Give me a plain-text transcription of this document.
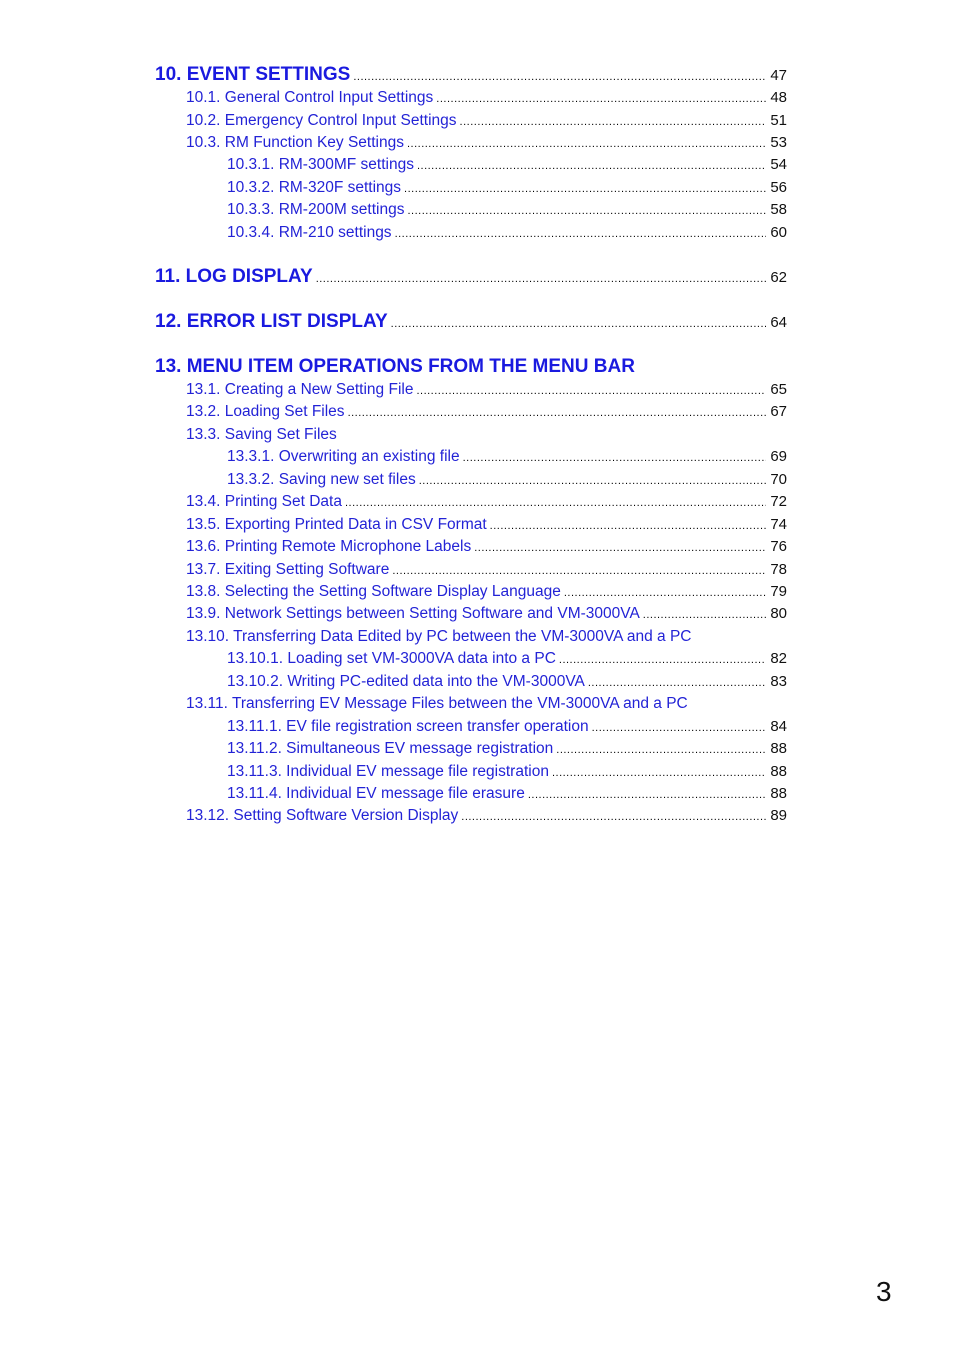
10. EVENT SETTINGS .....	47
10.1. General Control Input Settings .....	48
10.2. Emergency Control Input Settings .....	51
10.3. RM Function Key Settings .....	53
10.3.1. RM-300MF settings .....	54
10.3.2. RM-320F settings .....	56
10.3.3. RM-200M settings .....	58
10.3.4. RM-210 settings .....	60
11. LOG DISPLAY .....	62
12. ERROR LIST DISPLAY .....	64
13. MENU ITEM OPERATIONS FROM THE MENU BAR
13.1. Creating a New Setting File .....	65
13.2. Loading Set Files .....	67
13.3. Saving Set Files
13.3.1. Overwriting an existing file .....	69
13.3.2. Saving new set files .....	70
13.4. Printing Set Data .....	72
13.5. Exporting Printed Data in CSV Format .....	74
13.6. Printing Remote Microphone Labels .....	76
13.7. Exiting Setting Software .....	78
13.8. Selecting the Setting Software Display Language .....	79
13.9. Network Settings between Setting Software and VM-3000VA .....	80
13.10. Transferring Data Edited by PC between the VM-3000VA and a PC
13.10.1. Loading set VM-3000VA data into a PC .....	82
13.10.2. Writing PC-edited data into the VM-3000VA .....	83
13.11. Transferring EV Message Files between the VM-3000VA and a PC
13.11.1. EV file registration screen transfer operation .....	84
13.11.2. Simultaneous EV message registration .....	88
13.11.3. Individual EV message file registration .....	88
13.11.4. Individual EV message file erasure .....	88
13.12. Setting Software Version Display .....	89
3
